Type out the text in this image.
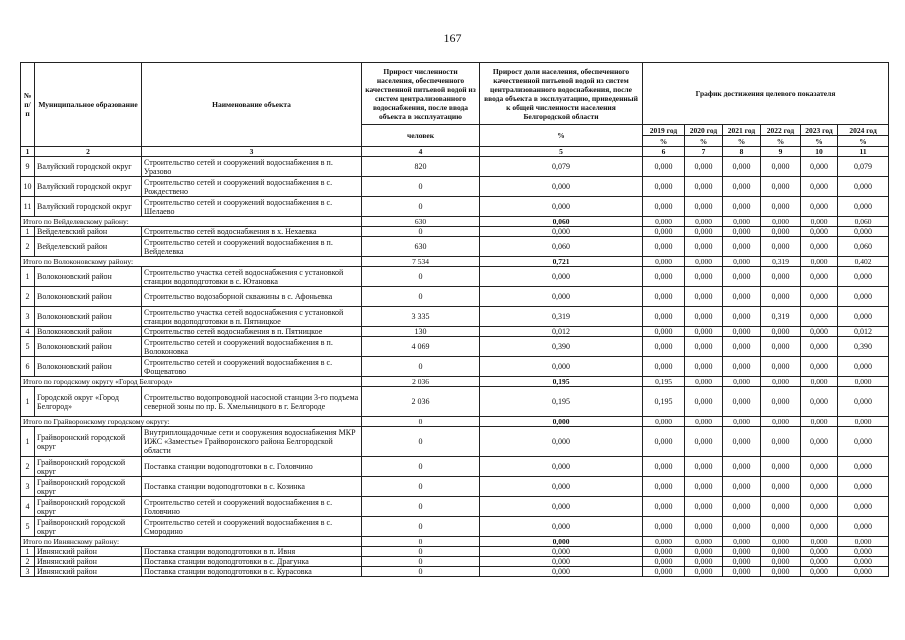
167
№ п/п	Муниципальное образование	Наименование объекта	Прирост численности населения, обеспеченного качественной питьевой водой из систем централизованного водоснабжения, после ввода объекта в эксплуатацию	Прирост доли населения, обеспеченного качественной питьевой водой из систем централизованного водоснабжения, после ввода объекта в эксплуатацию, приведенный к общей численности населения Белгородской области	График достижения целевого показателя					
			человек	%	2019 год	2020 год	2021 год	2022 год	2023 год	2024 год
					%	%	%	%	%	%
1	2	3	4	5	6	7	8	9	10	11
9	Валуйский городской округ	Строительство сетей и сооружений водоснабжения в п. Уразово	820	0,079	0,000	0,000	0,000	0,000	0,000	0,079
10	Валуйский городской округ	Строительство сетей и сооружений водоснабжения в с. Рождествено	0	0,000	0,000	0,000	0,000	0,000	0,000	0,000
11	Валуйский городской округ	Строительство сетей и сооружений водоснабжения в с. Шелаево	0	0,000	0,000	0,000	0,000	0,000	0,000	0,000
Итого по Вейделевскому району:			630	0,060	0,000	0,000	0,000	0,000	0,000	0,060
1	Вейделевский район	Строительство сетей водоснабжения в х. Нехаевка	0	0,000	0,000	0,000	0,000	0,000	0,000	0,000
2	Вейделевский район	Строительство сетей и сооружений водоснабжения в п. Вейделевка	630	0,060	0,000	0,000	0,000	0,000	0,000	0,060
Итого по Волоконовскому району:			7 534	0,721	0,000	0,000	0,000	0,319	0,000	0,402
1	Волоконовский район	Строительство участка сетей водоснабжения с установкой станции водоподготовки в с. Ютановка	0	0,000	0,000	0,000	0,000	0,000	0,000	0,000
2	Волоконовский район	Строительство водозаборной скважины в с. Афоньевка	0	0,000	0,000	0,000	0,000	0,000	0,000	0,000
3	Волоконовский район	Строительство участка сетей водоснабжения с установкой станции водоподготовки в п. Пятницкое	3 335	0,319	0,000	0,000	0,000	0,319	0,000	0,000
4	Волоконовский район	Строительство сетей водоснабжения в п. Пятницкое	130	0,012	0,000	0,000	0,000	0,000	0,000	0,012
5	Волоконовский район	Строительство сетей и сооружений водоснабжения в п. Волоконовка	4 069	0,390	0,000	0,000	0,000	0,000	0,000	0,390
6	Волоконовский район	Строительство сетей и сооружений водоснабжения в с. Фощеватово	0	0,000	0,000	0,000	0,000	0,000	0,000	0,000
Итого по городскому округу «Город Белгород»			2 036	0,195	0,195	0,000	0,000	0,000	0,000	0,000
1	Городской округ «Город Белгород»	Строительство водопроводной насосной станции 3-го подъема северной зоны по пр. Б. Хмельницкого в г. Белгороде	2 036	0,195	0,195	0,000	0,000	0,000	0,000	0,000
Итого по Грайворонскому городскому округу:			0	0,000	0,000	0,000	0,000	0,000	0,000	0,000
1	Грайворонский городской округ	Внутриплощадочные сети и сооружения водоснабжения МКР ИЖС «Заместье» Грайворонского района Белгородской области	0	0,000	0,000	0,000	0,000	0,000	0,000	0,000
2	Грайворонский городской округ	Поставка станции водоподготовки в с. Головчино	0	0,000	0,000	0,000	0,000	0,000	0,000	0,000
3	Грайворонский городской округ	Поставка станции водоподготовки в с. Козинка	0	0,000	0,000	0,000	0,000	0,000	0,000	0,000
4	Грайворонский городской округ	Строительство сетей и сооружений водоснабжения в с. Головчино	0	0,000	0,000	0,000	0,000	0,000	0,000	0,000
5	Грайворонский городской округ	Строительство сетей и сооружений водоснабжения в с. Смородино	0	0,000	0,000	0,000	0,000	0,000	0,000	0,000
Итого по Ивнянскому району:			0	0,000	0,000	0,000	0,000	0,000	0,000	0,000
1	Ивнянский район	Поставка станции водоподготовки в п. Ивня	0	0,000	0,000	0,000	0,000	0,000	0,000	0,000
2	Ивнянский район	Поставка станции водоподготовки в с. Драгунка	0	0,000	0,000	0,000	0,000	0,000	0,000	0,000
3	Ивнянский район	Поставка станции водоподготовки в с. Курасовка	0	0,000	0,000	0,000	0,000	0,000	0,000	0,000
